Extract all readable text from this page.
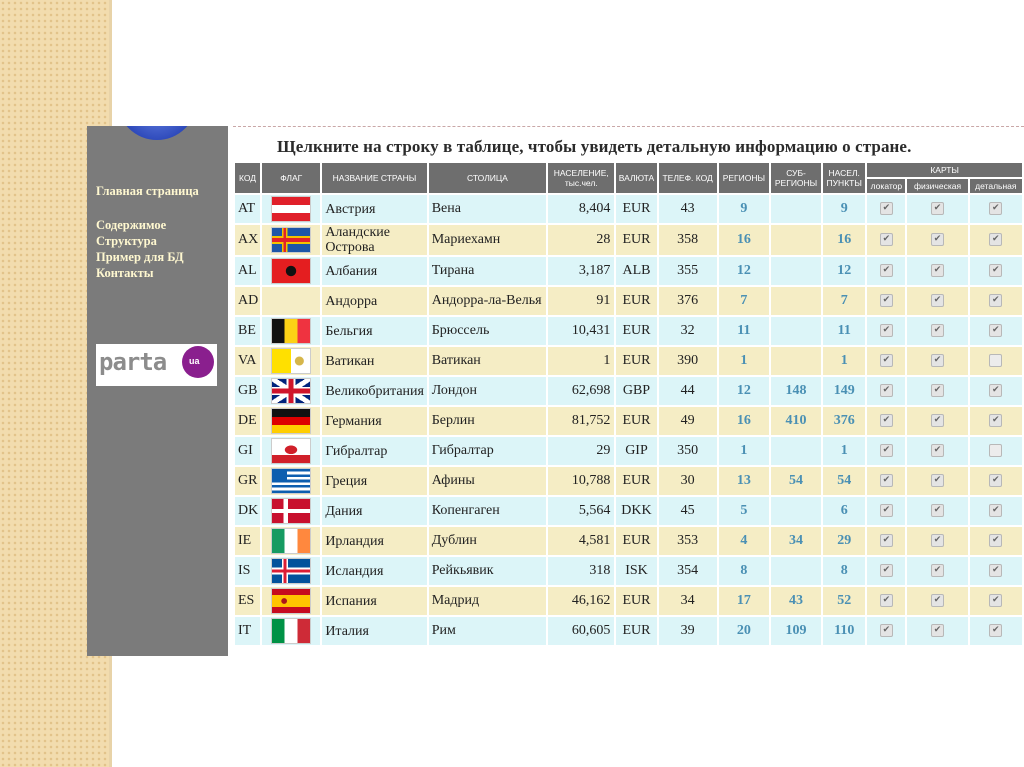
Главная страница
Содержимое
Структура
Пример для БД
Контакты
parta	ua
Щелкните на строку в таблице, чтобы увидеть детальную информацию о стране.
КОД	ФЛАГ	НАЗВАНИЕ СТРАНЫ	СТОЛИЦА	НАСЕЛЕНИЕ, тыс.чел.	ВАЛЮТА	ТЕЛЕФ. КОД	РЕГИОНЫ	СУБ-РЕГИОНЫ	НАСЕЛ. ПУНКТЫ	КАРТЫ		
										локатор	физическая	детальная
AT		Австрия	Вена	8,404	EUR	43	9		9	✔	✔	✔
AX		Аландские Острова	Мариехамн	28	EUR	358	16		16	✔	✔	✔
AL		Албания	Тирана	3,187	ALB	355	12		12	✔	✔	✔
AD		Андорра	Андорра-ла-Велья	91	EUR	376	7		7	✔	✔	✔
BE		Бельгия	Брюссель	10,431	EUR	32	11		11	✔	✔	✔
VA		Ватикан	Ватикан	1	EUR	390	1		1	✔	✔	
GB		Великобритания	Лондон	62,698	GBP	44	12	148	149	✔	✔	✔
DE		Германия	Берлин	81,752	EUR	49	16	410	376	✔	✔	✔
GI		Гибралтар	Гибралтар	29	GIP	350	1		1	✔	✔	
GR		Греция	Афины	10,788	EUR	30	13	54	54	✔	✔	✔
DK		Дания	Копенгаген	5,564	DKK	45	5		6	✔	✔	✔
IE		Ирландия	Дублин	4,581	EUR	353	4	34	29	✔	✔	✔
IS		Исландия	Рейкьявик	318	ISK	354	8		8	✔	✔	✔
ES		Испания	Мадрид	46,162	EUR	34	17	43	52	✔	✔	✔
IT		Италия	Рим	60,605	EUR	39	20	109	110	✔	✔	✔
